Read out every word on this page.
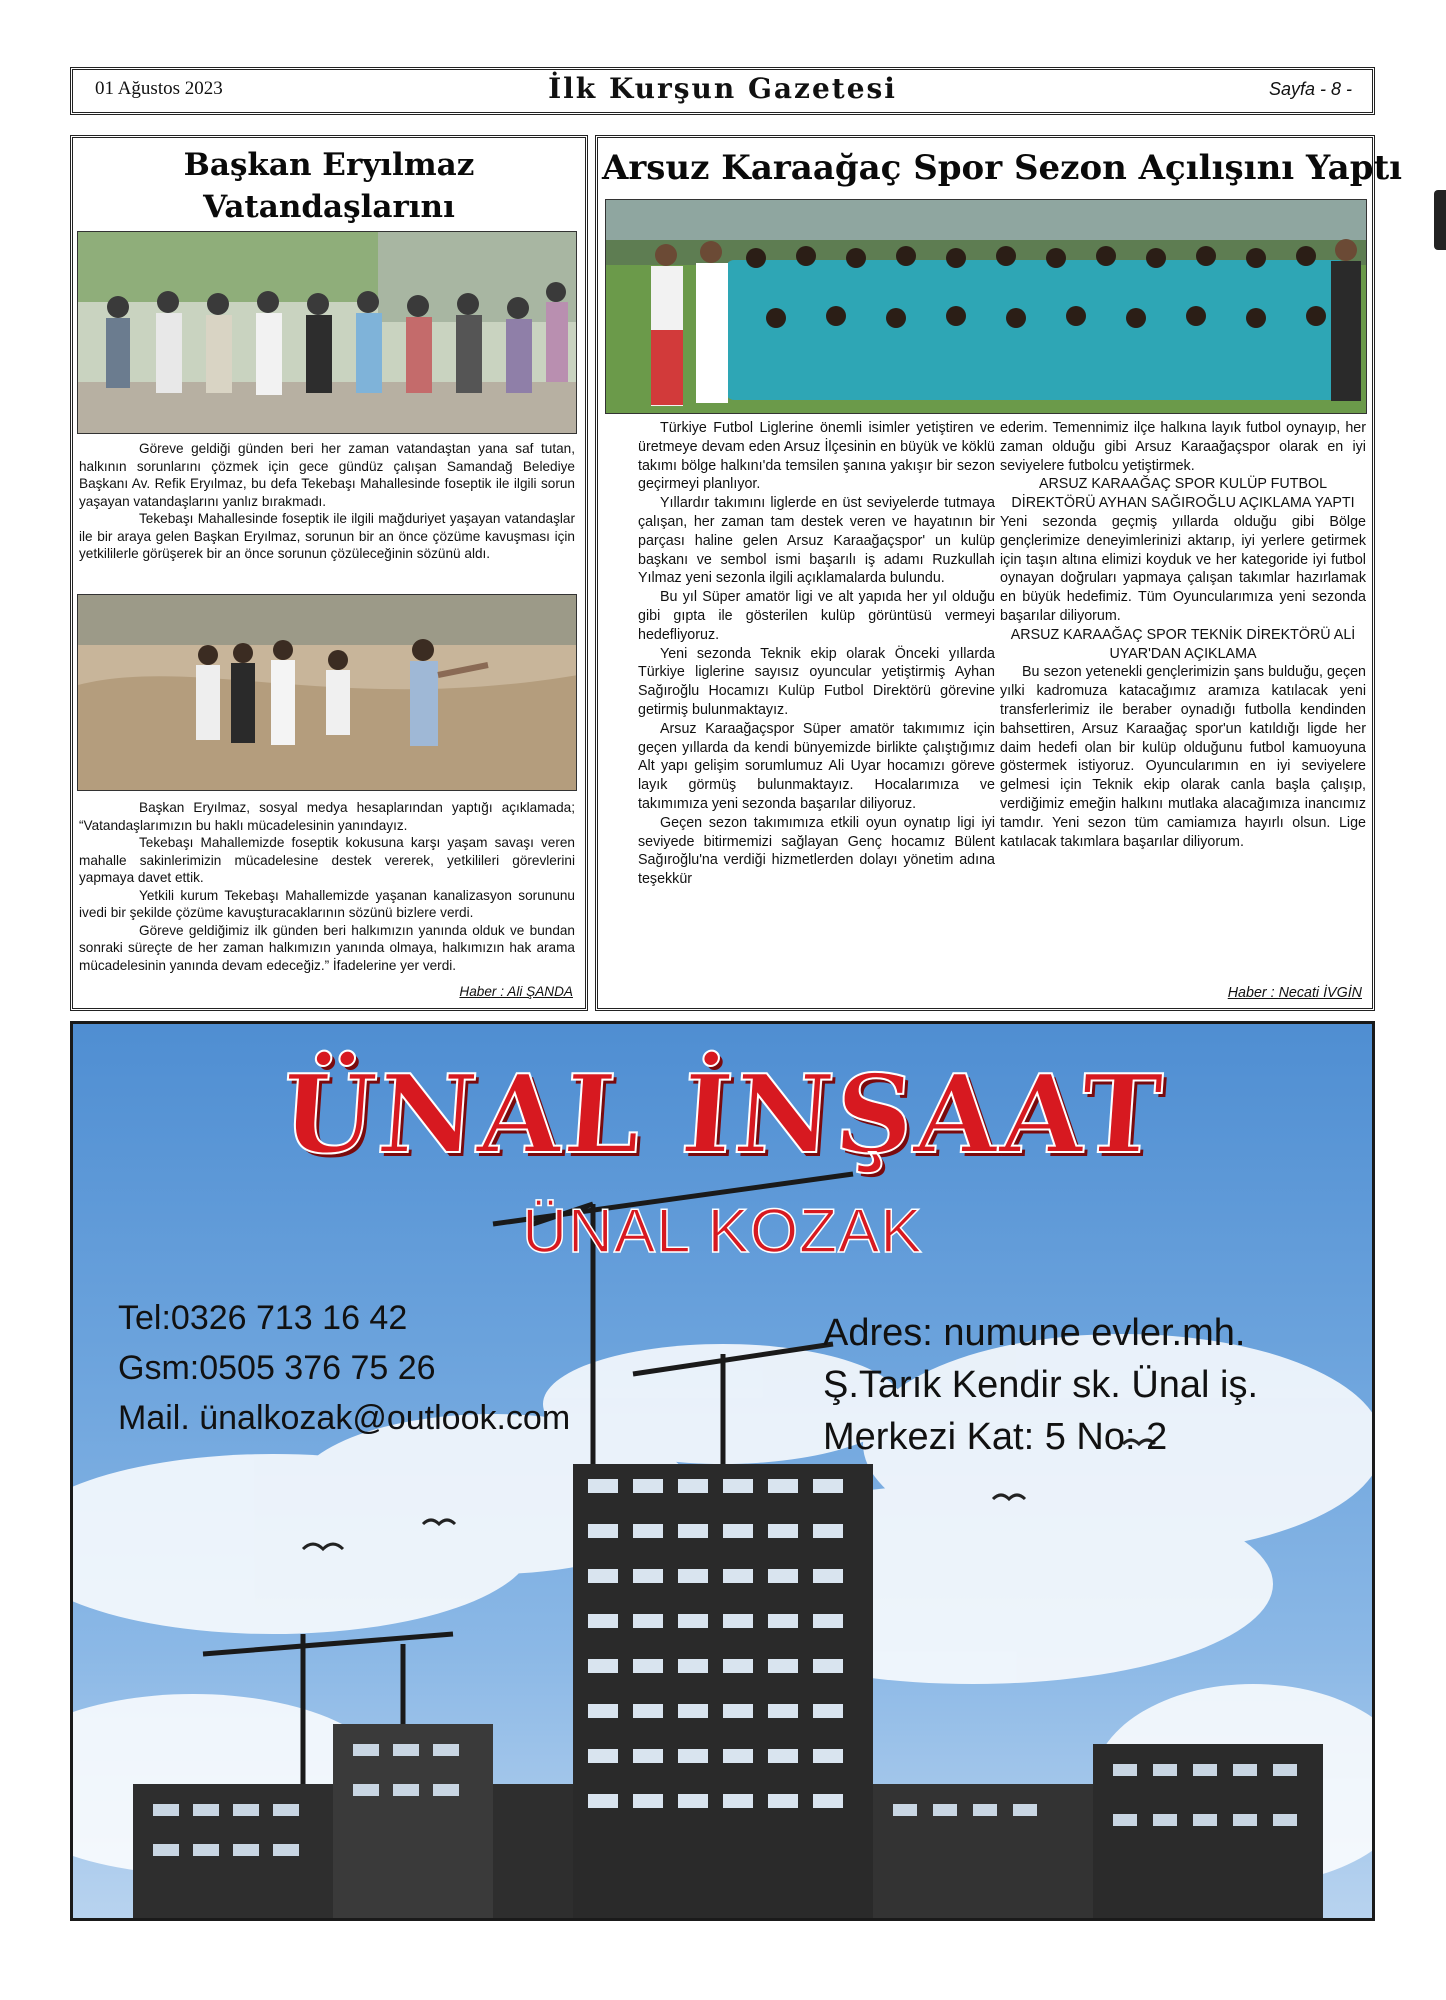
01 Ağustos 2023	İlk Kurşun Gazetesi	Sayfa - 8 -
Başkan Eryılmaz Vatandaşlarını

Göreve geldiği günden beri her zaman vatandaştan yana saf tutan, halkının sorunlarını çözmek için gece gündüz çalışan Samandağ Belediye Başkanı Av. Refik Eryılmaz, bu defa Tekebaşı Mahallesinde foseptik ile ilgili sorun yaşayan vatandaşlarını yanlız bırakmadı.

Tekebaşı Mahallesinde foseptik ile ilgili mağduriyet yaşayan vatandaşlar ile bir araya gelen Başkan Eryılmaz, sorunun bir an önce çözüme kavuşması için yetkililerle görüşerek bir an önce sorunun çözüleceğinin sözünü aldı.

Başkan Eryılmaz, sosyal medya hesaplarından yaptığı açıklamada; “Vatandaşlarımızın bu haklı mücadelesinin yanındayız.

Tekebaşı Mahallemizde foseptik kokusuna karşı yaşam savaşı veren mahalle sakinlerimizin mücadelesine destek vererek, yetkilileri görevlerini yapmaya davet ettik.

Yetkili kurum Tekebaşı Mahallemizde yaşanan kanalizasyon sorununu ivedi bir şekilde çözüme kavuşturacaklarının sözünü bizlere verdi.

Göreve geldiğimiz ilk günden beri halkımızın yanında olduk ve bundan sonraki süreçte de her zaman halkımızın yanında olmaya, halkımızın hak arama mücadelesinin yanında devam edeceğiz.” İfadelerine yer verdi.

Haber : Ali ŞANDA
Arsuz Karaağaç Spor Sezon Açılışını Yaptı

Türkiye Futbol Liglerine önemli isimler yetiştiren ve üretmeye devam eden Arsuz İlçesinin en büyük ve köklü takımı bölge halkını'da temsilen şanına yakışır bir sezon geçirmeyi planlıyor.

Yıllardır takımını liglerde en üst seviyelerde tutmaya çalışan, her zaman tam destek veren ve hayatının bir parçası haline gelen Arsuz Karaağaçspor' un kulüp başkanı ve sembol ismi başarılı iş adamı Ruzkullah Yılmaz yeni sezonla ilgili açıklamalarda bulundu.

Bu yıl Süper amatör ligi ve alt yapıda her yıl olduğu gibi gıpta ile gösterilen kulüp görüntüsü vermeyi hedefliyoruz.

Yeni sezonda Teknik ekip olarak Önceki yıllarda Türkiye liglerine sayısız oyuncular yetiştirmiş Ayhan Sağıroğlu Hocamızı Kulüp Futbol Direktörü görevine getirmiş bulunmaktayız.

Arsuz Karaağaçspor Süper amatör takımımız için geçen yıllarda da kendi bünyemizde birlikte çalıştığımız Alt yapı gelişim sorumlumuz Ali Uyar hocamızı göreve layık görmüş bulunmaktayız. Hocalarımıza ve takımımıza yeni sezonda başarılar diliyoruz.

Geçen sezon takımımıza etkili oyun oynatıp ligi iyi seviyede bitirmemizi sağlayan Genç hocamız Bülent Sağıroğlu'na verdiği hizmetlerden dolayı yönetim adına teşekkür

ederim. Temennimiz ilçe halkına layık futbol oynayıp, her zaman olduğu gibi Arsuz Karaağaçspor olarak en iyi seviyelere futbolcu yetiştirmek.

ARSUZ KARAAĞAÇ SPOR KULÜP FUTBOL DİREKTÖRÜ AYHAN SAĞIROĞLU AÇIKLAMA YAPTI

Yeni sezonda geçmiş yıllarda olduğu gibi Bölge gençlerimize deneyimlerinizi aktarıp, iyi yerlere getirmek için taşın altına elimizi koyduk ve her kategoride iyi futbol oynayan doğruları yapmaya çalışan takımlar hazırlamak en büyük hedefimiz. Tüm Oyuncularımıza yeni sezonda başarılar diliyorum.

ARSUZ KARAAĞAÇ SPOR TEKNİK DİREKTÖRÜ ALİ UYAR'DAN AÇIKLAMA

Bu sezon yetenekli gençlerimizin şans bulduğu, geçen yılki kadromuza katacağımız aramıza katılacak yeni transferlerimiz ile beraber oynadığı futbolla kendinden bahsettiren, Arsuz Karaağaç spor'un katıldığı ligde her daim hedefi olan bir kulüp olduğunu futbol kamuoyuna göstermek istiyoruz. Oyuncularımın en iyi seviyelere gelmesi için Teknik ekip olarak canla başla çalışıp, verdiğimiz emeğin halkını mutlaka alacağımıza inancımız tamdır. Yeni sezon tüm camiamıza hayırlı olsun. Lige katılacak takımlara başarılar diliyorum.

Haber : Necati İVGİN
ÜNAL İNŞAAT
ÜNAL KOZAK
Tel:0326 713 16 42
Gsm:0505 376 75 26
Mail. ünalkozak@outlook.com
Adres: numune evler.mh.
Ş.Tarık Kendir sk. Ünal iş.
Merkezi Kat: 5 No: 2
